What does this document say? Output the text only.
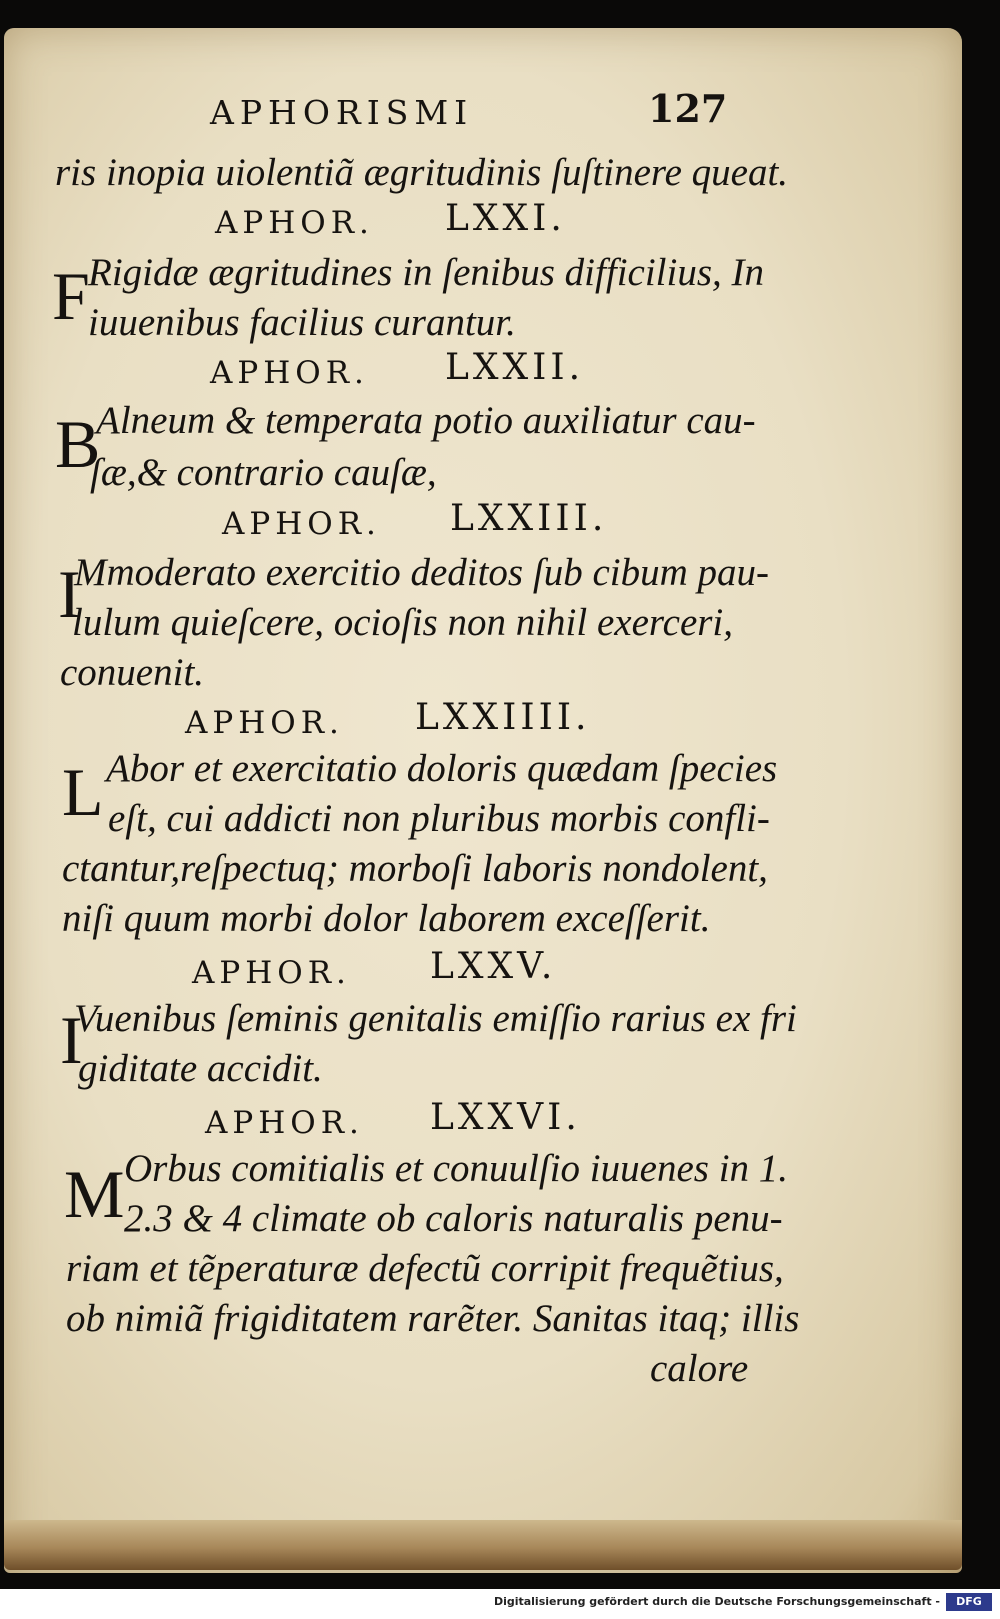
APHORISMI	127
ris inopia uiolentiã ægritudinis ſuſtinere queat.
APHOR. LXXI.
F
Rigidæ ægritudines in ſenibus difficilius, In
iuuenibus facilius curantur.
APHOR. LXXII.
B
Alneum & temperata potio auxiliatur cau-
ſæ,& contrario cauſæ,
APHOR. LXXIII.
I
Mmoderato exercitio deditos ſub cibum pau-
lulum quieſcere, ocioſis non nihil exerceri,
conuenit.
APHOR. LXXIIII.
L Abor et exercitatio doloris quædam ſpecies
eſt, cui addicti non pluribus morbis confli-
ctantur,reſpectuq; morboſi laboris nondolent,
niſi quum morbi dolor laborem exceſſerit.
APHOR. LXXV.
I
Vuenibus ſeminis genitalis emiſſio rarius ex fri
giditate accidit.
APHOR. LXXVI.
M Orbus comitialis et conuulſio iuuenes in 1.
2.3 & 4 climate ob caloris naturalis penu-
riam et tẽperaturæ defectũ corripit frequẽtius,
ob nimiã frigiditatem rarẽter. Sanitas itaq; illis
calore
Digitalisierung gefördert durch die Deutsche Forschungsgemeinschaft -	DFG
